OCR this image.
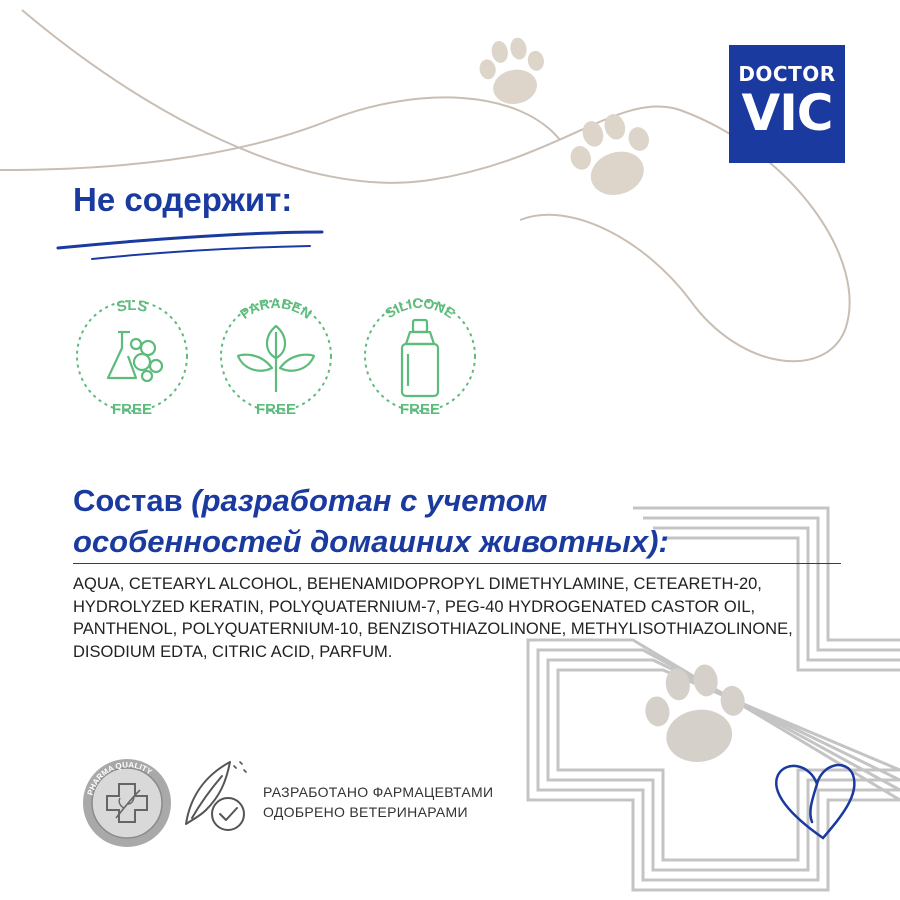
DOCTOR
VIC
Не содержит:
SLS
FREE
PARABEN
FREE
SILICONE
FREE
Состав (разработан с учетом особенностей домашних животных):

AQUA, CETEARYL ALCOHOL, BEHENAMIDOPROPYL DIMETHYLAMINE, CETEARETH-20, HYDROLYZED KERATIN, POLYQUATERNIUM-7, PEG-40 HYDROGENATED CASTOR OIL, PANTHENOL, POLYQUATERNIUM-10, BENZISOTHIAZOLINONE, METHYLISOTHIAZOLINONE, DISODIUM EDTA, CITRIC ACID, PARFUM.

PHARMA QUALITY
РАЗРАБОТАНО ФАРМАЦЕВТАМИ
ОДОБРЕНО ВЕТЕРИНАРАМИ
